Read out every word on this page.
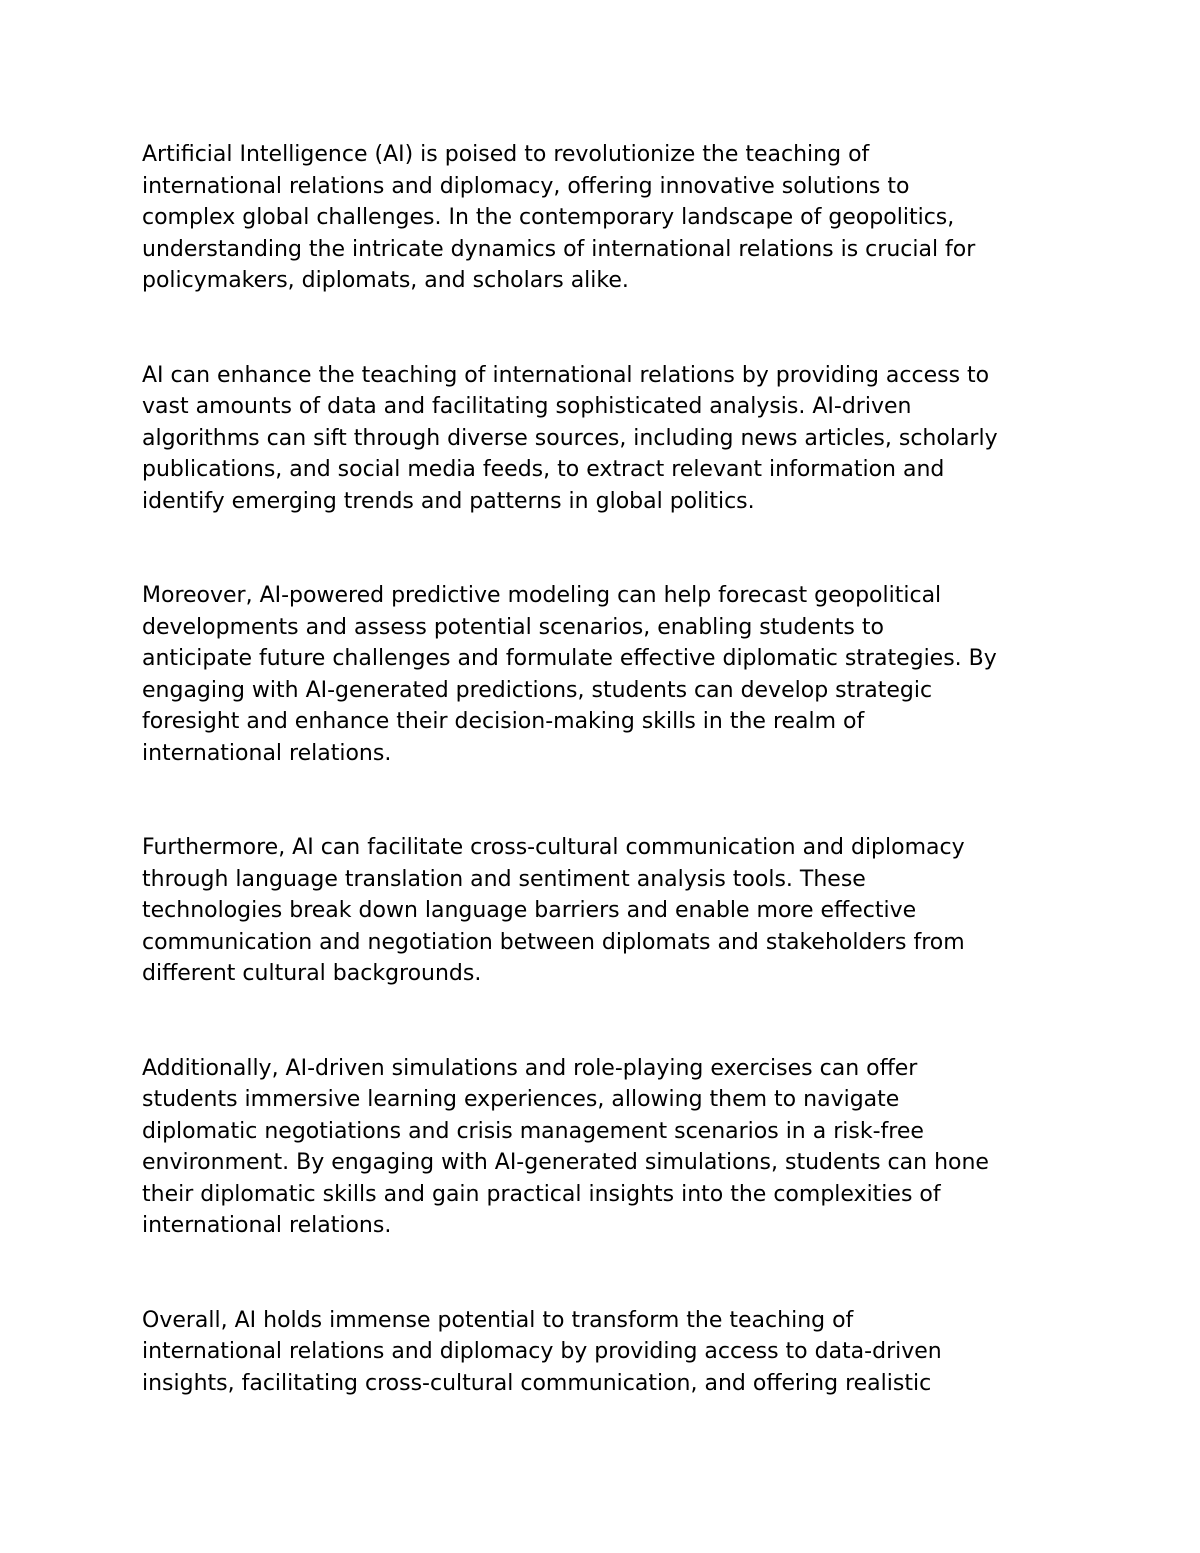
Artificial Intelligence (AI) is poised to revolutionize the teaching of
international relations and diplomacy, offering innovative solutions to
complex global challenges. In the contemporary landscape of geopolitics,
understanding the intricate dynamics of international relations is crucial for
policymakers, diplomats, and scholars alike.

AI can enhance the teaching of international relations by providing access to
vast amounts of data and facilitating sophisticated analysis. AI-driven
algorithms can sift through diverse sources, including news articles, scholarly
publications, and social media feeds, to extract relevant information and
identify emerging trends and patterns in global politics.

Moreover, AI-powered predictive modeling can help forecast geopolitical
developments and assess potential scenarios, enabling students to
anticipate future challenges and formulate effective diplomatic strategies. By
engaging with AI-generated predictions, students can develop strategic
foresight and enhance their decision-making skills in the realm of
international relations.

Furthermore, AI can facilitate cross-cultural communication and diplomacy
through language translation and sentiment analysis tools. These
technologies break down language barriers and enable more effective
communication and negotiation between diplomats and stakeholders from
different cultural backgrounds.

Additionally, AI-driven simulations and role-playing exercises can offer
students immersive learning experiences, allowing them to navigate
diplomatic negotiations and crisis management scenarios in a risk-free
environment. By engaging with AI-generated simulations, students can hone
their diplomatic skills and gain practical insights into the complexities of
international relations.

Overall, AI holds immense potential to transform the teaching of
international relations and diplomacy by providing access to data-driven
insights, facilitating cross-cultural communication, and offering realistic
